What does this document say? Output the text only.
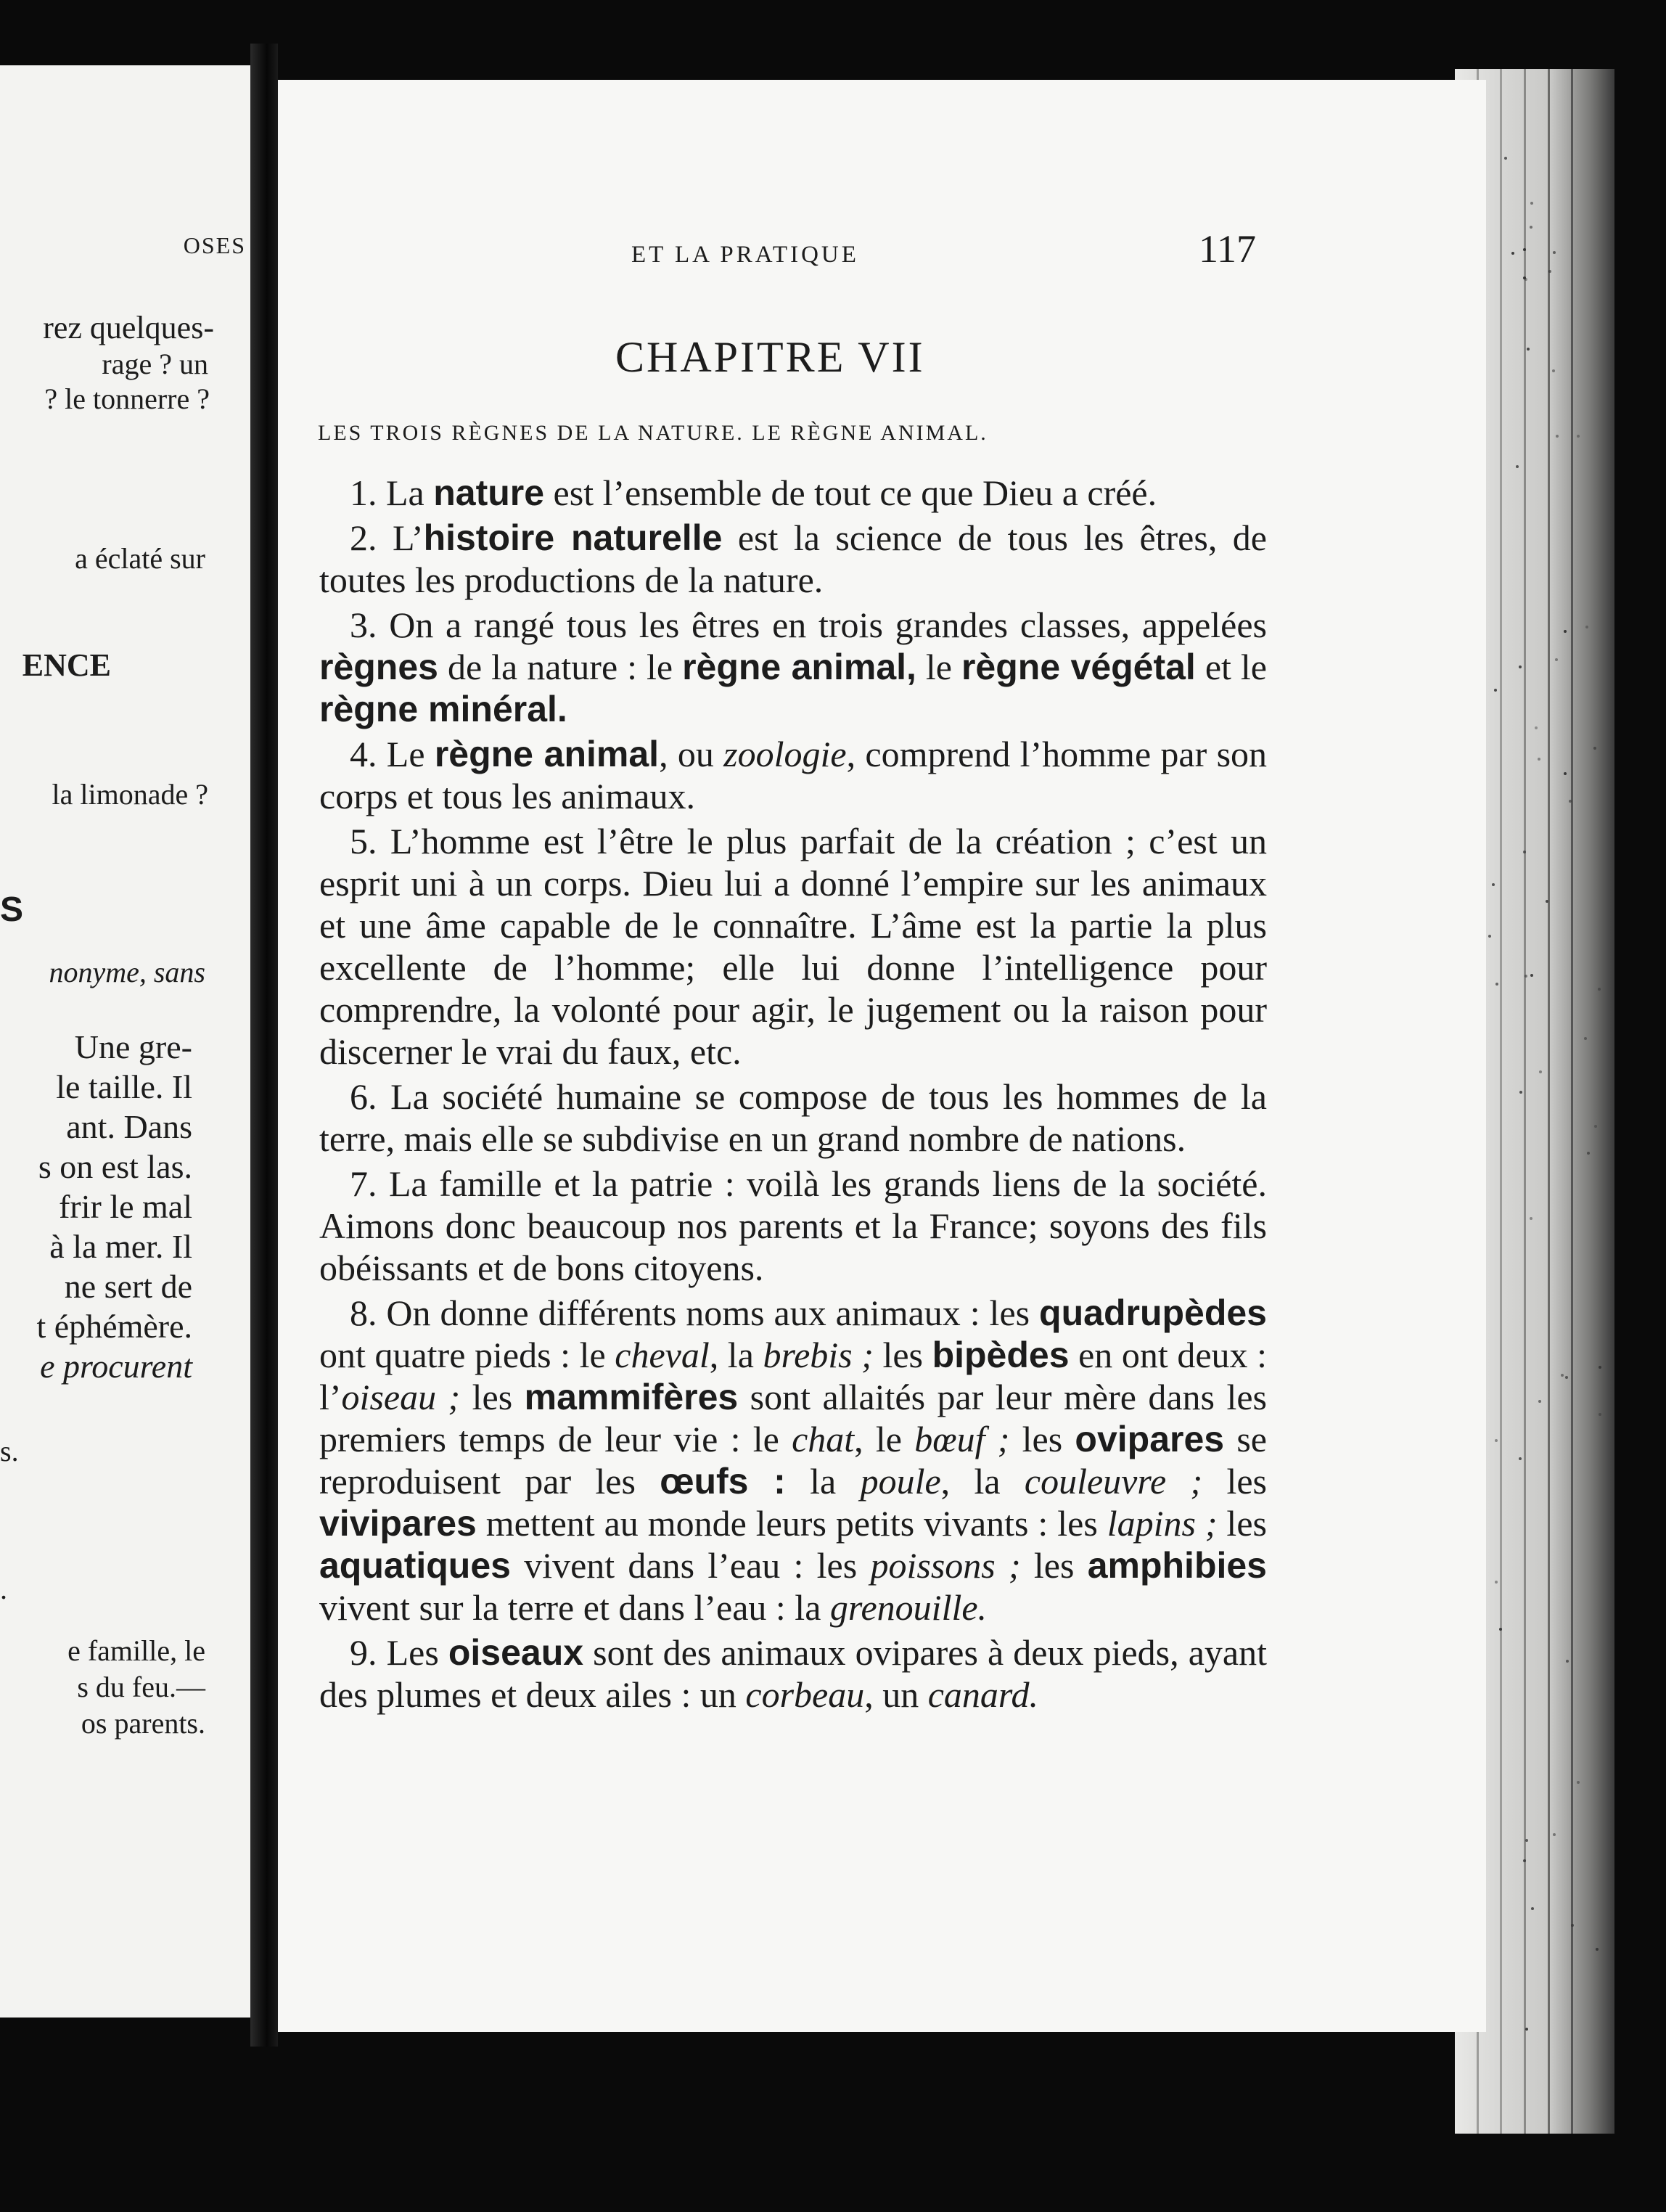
OSES
rez quelques-
rage ? un
? le tonnerre ?
a éclaté sur
ENCE
la limonade ?
S
nonyme, sans
Une gre-
le taille. Il
ant. Dans
s on est las.
frir le mal
à la mer. Il
ne sert de
t éphémère.
e procurent
s.
.
e famille, le
s du feu.—
os parents.
ET LA PRATIQUE	117
CHAPITRE VII
LES TROIS RÈGNES DE LA NATURE. LE RÈGNE ANIMAL.

1. La nature est l’ensemble de tout ce que Dieu a créé.

2. L’histoire naturelle est la science de tous les êtres, de toutes les productions de la nature.

3. On a rangé tous les êtres en trois grandes classes, appelées règnes de la nature : le règne animal, le règne végétal et le règne minéral.

4. Le règne animal, ou zoologie, comprend l’homme par son corps et tous les animaux.

5. L’homme est l’être le plus parfait de la création ; c’est un esprit uni à un corps. Dieu lui a donné l’empire sur les animaux et une âme capable de le connaître. L’âme est la partie la plus excellente de l’homme; elle lui donne l’intelligence pour comprendre, la volonté pour agir, le jugement ou la raison pour discerner le vrai du faux, etc.

6. La société humaine se compose de tous les hommes de la terre, mais elle se subdivise en un grand nombre de nations.

7. La famille et la patrie : voilà les grands liens de la société. Aimons donc beaucoup nos parents et la France; soyons des fils obéissants et de bons citoyens.

8. On donne différents noms aux animaux : les quadrupèdes ont quatre pieds : le cheval, la brebis ; les bipèdes en ont deux : l’oiseau ; les mammifères sont allaités par leur mère dans les premiers temps de leur vie : le chat, le bœuf ; les ovipares se reproduisent par les œufs : la poule, la couleuvre ; les vivipares mettent au monde leurs petits vivants : les lapins ; les aquatiques vivent dans l’eau : les poissons ; les amphibies vivent sur la terre et dans l’eau : la grenouille.

9. Les oiseaux sont des animaux ovipares à deux pieds, ayant des plumes et deux ailes : un corbeau, un canard.
